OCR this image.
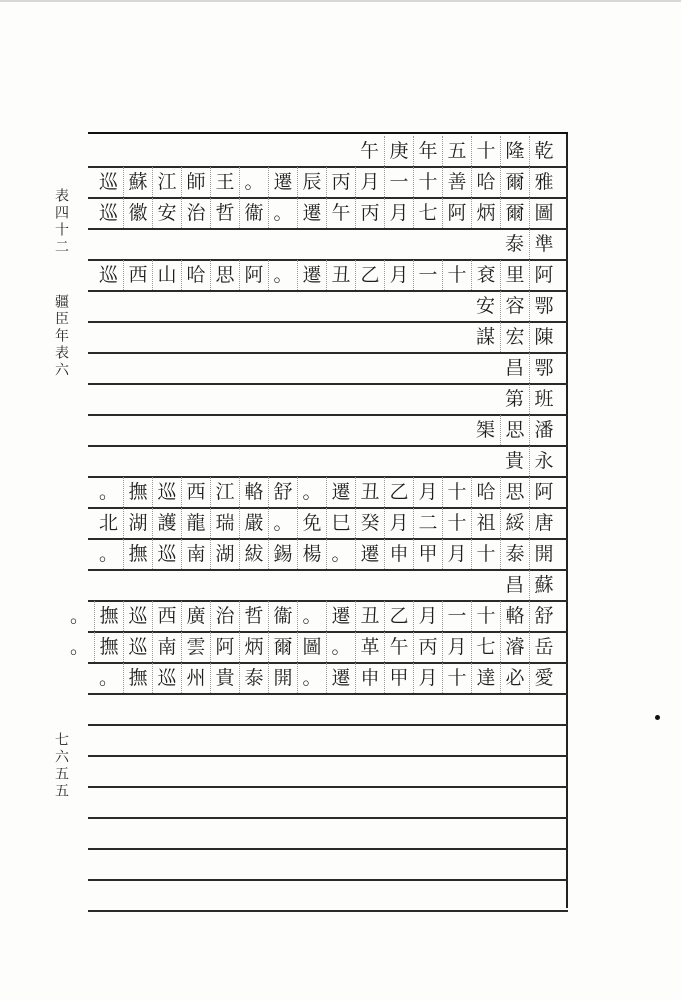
表四十二
疆臣年表六
七六五五
乾
隆
十
五
年
庚
午
雅
爾
哈
善
十
一
月
丙
辰
遷
。
王
師
江
蘇
巡
圖
爾
炳
阿
七
月
丙
午
遷
。
衞
哲
治
安
徽
巡
準
泰
阿
里
袞
十
一
月
乙
丑
遷
。
阿
思
哈
山
西
巡
鄂
容
安
陳
宏
謀
鄂
昌
班
第
潘
思
榘
永
貴
阿
思
哈
十
月
乙
丑
遷
。
舒
輅
江
西
巡
撫
。
唐
綏
祖
十
二
月
癸
巳
免
。
嚴
瑞
龍
護
湖
北
開
泰
十
月
甲
申
遷
。
楊
錫
紱
湖
南
巡
撫
。
蘇
昌
舒
輅
十
一
月
乙
丑
遷
。
衞
哲
治
廣
西
巡
撫
。
岳
濬
七
月
丙
午
革
。
圖
爾
炳
阿
雲
南
巡
撫
。
愛
必
達
十
月
甲
申
遷
。
開
泰
貴
州
巡
撫
。
